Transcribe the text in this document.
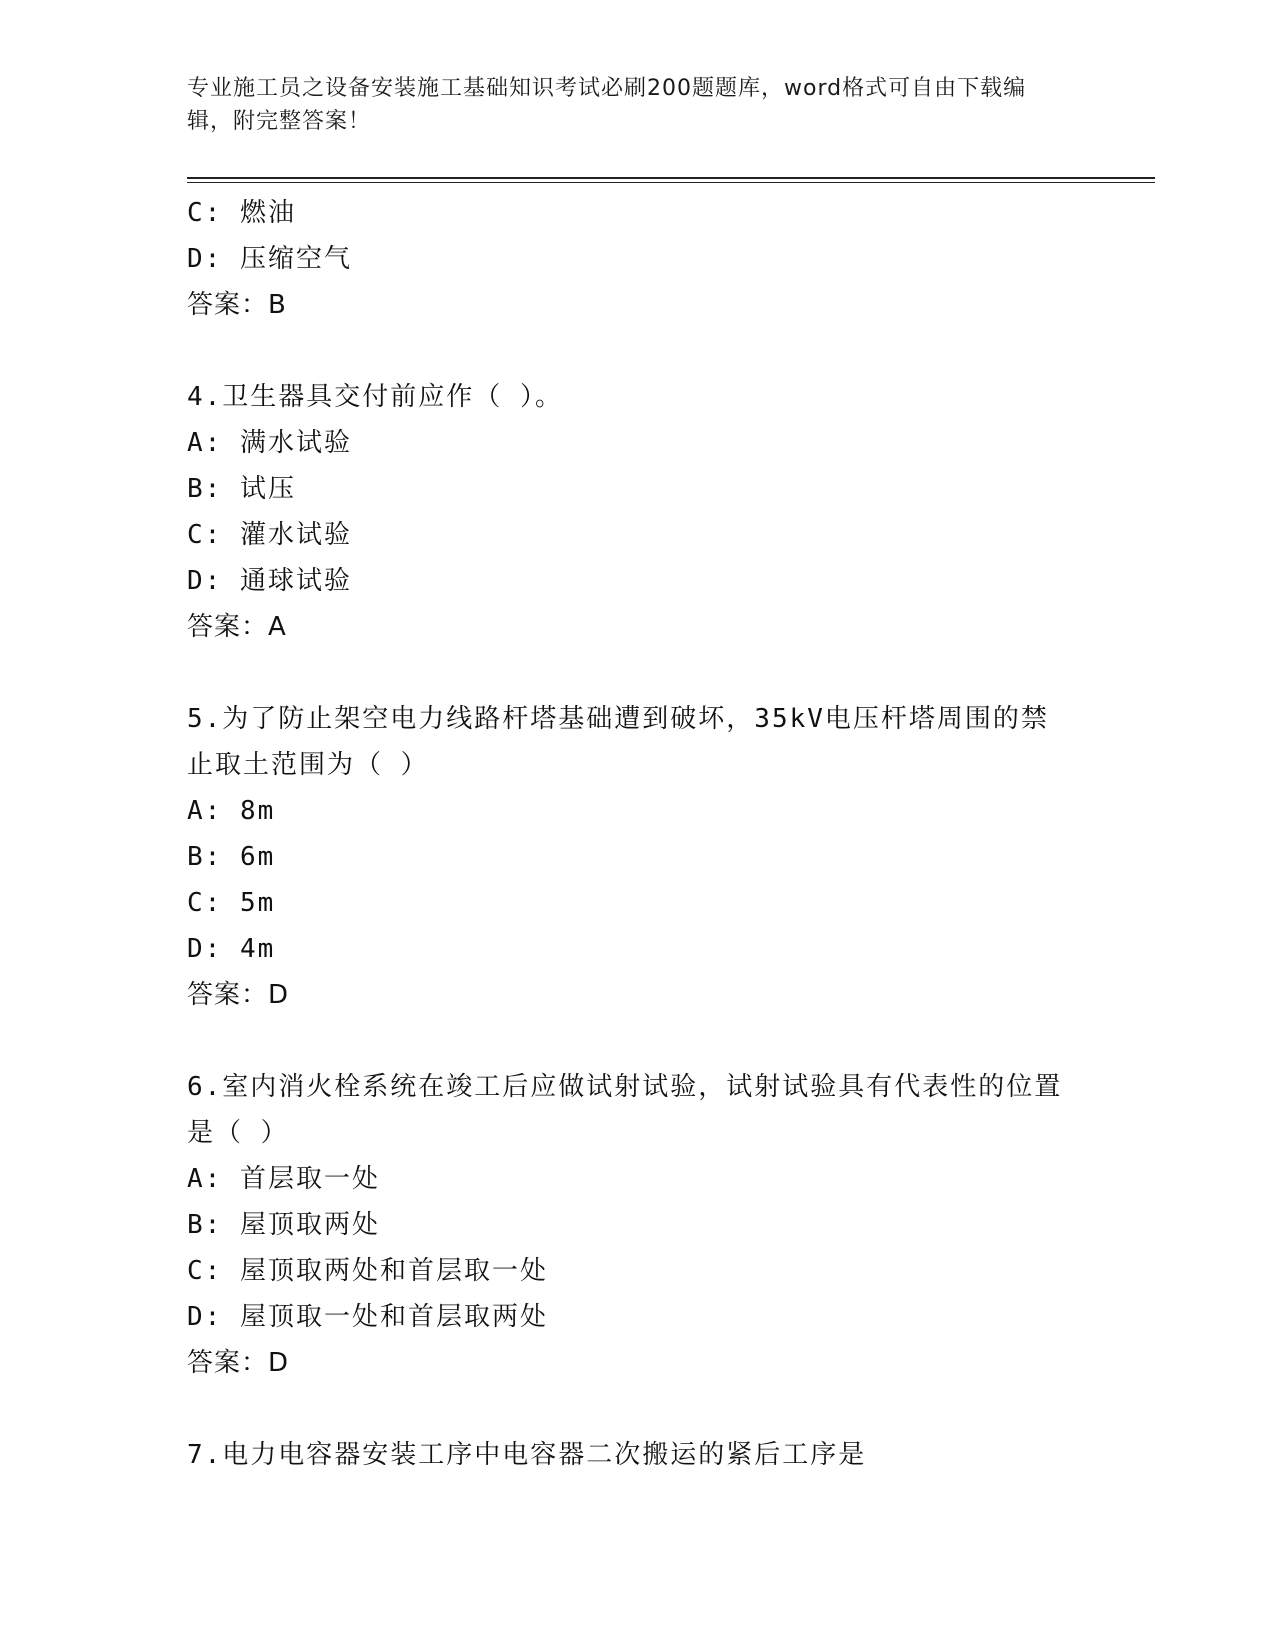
专业施工员之设备安装施工基础知识考试必刷200题题库，word格式可自由下载编辑，附完整答案！

C: 燃油

D: 压缩空气

答案：B

4.卫生器具交付前应作（ ）。

A: 满水试验

B: 试压

C: 灌水试验

D: 通球试验

答案：A

5.为了防止架空电力线路杆塔基础遭到破坏，35kV电压杆塔周围的禁止取土范围为（ ）

A: 8m

B: 6m

C: 5m

D: 4m

答案：D

6.室内消火栓系统在竣工后应做试射试验，试射试验具有代表性的位置是（ ）

A: 首层取一处

B: 屋顶取两处

C: 屋顶取两处和首层取一处

D: 屋顶取一处和首层取两处

答案：D

7.电力电容器安装工序中电容器二次搬运的紧后工序是
